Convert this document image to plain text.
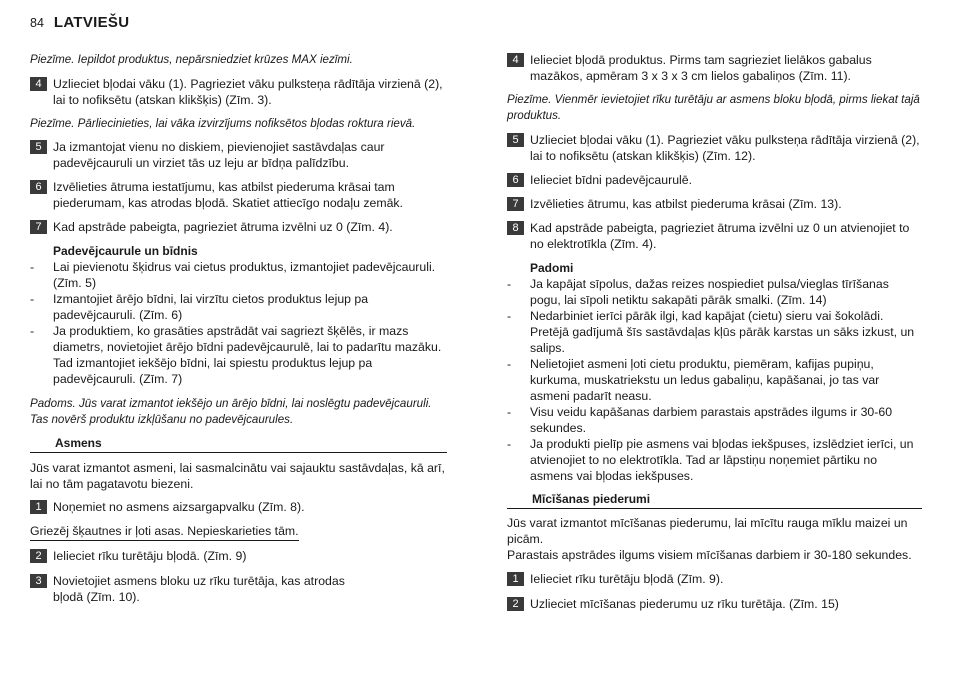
84 LATVIEŠU
Piezīme. Iepildot produktus, nepārsniedziet krūzes MAX iezīmi.
4 Uzlieciet bļodai vāku (1). Pagrieziet vāku pulksteņa rādītāja virzienā (2), lai to nofiksētu (atskan klikšķis) (Zīm. 3).
Piezīme. Pārliecinieties, lai vāka izvirzījums nofiksētos bļodas roktura rievā.
5 Ja izmantojat vienu no diskiem, pievienojiet sastāvdaļas caur padevējcauruli un virziet tās uz leju ar bīdņa palīdzību.
6 Izvēlieties ātruma iestatījumu, kas atbilst piederuma krāsai tam piederumam, kas atrodas bļodā. Skatiet attiecīgo nodaļu zemāk.
7 Kad apstrāde pabeigta, pagrieziet ātruma izvēlni uz 0 (Zīm. 4).
Padevējcaurule un bīdnis
- Lai pievienotu šķidrus vai cietus produktus, izmantojiet padevējcauruli. (Zīm. 5)
- Izmantojiet ārējo bīdni, lai virzītu cietos produktus lejup pa padevējcauruli. (Zīm. 6)
- Ja produktiem, ko grasāties apstrādāt vai sagriezt šķēlēs, ir mazs diametrs, novietojiet ārējo bīdni padevējcaurulē, lai to padarītu mazāku. Tad izmantojiet iekšējo bīdni, lai spiestu produktus lejup pa padevējcauruli. (Zīm. 7)
Padoms. Jūs varat izmantot iekšējo un ārējo bīdni, lai noslēgtu padevējcauruli. Tas novērš produktu izkļūšanu no padevējcaurules.
Asmens
Jūs varat izmantot asmeni, lai sasmalcinātu vai sajauktu sastāvdaļas, kā arī, lai no tām pagatavotu biezeni.
1 Noņemiet no asmens aizsargapvalku (Zīm. 8).
Griezēj šķautnes ir ļoti asas. Nepieskarieties tām.
2 Ielieciet rīku turētāju bļodā. (Zīm. 9)
3 Novietojiet asmens bloku uz rīku turētāja, kas atrodas bļodā (Zīm. 10).
4 Ielieciet bļodā produktus. Pirms tam sagrieziet lielākos gabalus mazākos, apmēram 3 x 3 x 3 cm lielos gabaliņos (Zīm. 11).
Piezīme. Vienmēr ievietojiet rīku turētāju ar asmens bloku bļodā, pirms liekat tajā produktus.
5 Uzlieciet bļodai vāku (1). Pagrieziet vāku pulksteņa rādītāja virzienā (2), lai to nofiksētu (atskan klikšķis) (Zīm. 12).
6 Ielieciet bīdni padevējcaurulē.
7 Izvēlieties ātrumu, kas atbilst piederuma krāsai (Zīm. 13).
8 Kad apstrāde pabeigta, pagrieziet ātruma izvēlni uz 0 un atvienojiet to no elektrotīkla (Zīm. 4).
Padomi
- Ja kapājat sīpolus, dažas reizes nospiediet pulsa/vieglas tīrīšanas pogu, lai sīpoli netiktu sakapāti pārāk smalki. (Zīm. 14)
- Nedarbiniet ierīci pārāk ilgi, kad kapājat (cietu) sieru vai šokolādi. Pretējā gadījumā šīs sastāvdaļas kļūs pārāk karstas un sāks izkust, un salips.
- Nelietojiet asmeni ļoti cietu produktu, piemēram, kafijas pupiņu, kurkuma, muskatriekstu un ledus gabaliņu, kapāšanai, jo tas var asmeni padarīt neasu.
- Visu veidu kapāšanas darbiem parastais apstrādes ilgums ir 30-60 sekundes.
- Ja produkti pielīp pie asmens vai bļodas iekšpuses, izslēdziet ierīci, un atvienojiet to no elektrotīkla. Tad ar lāpstiņu noņemiet pārtiku no asmens vai bļodas iekšpuses.
Mīcīšanas piederumi
Jūs varat izmantot mīcīšanas piederumu, lai mīcītu rauga mīklu maizei un picām.
Parastais apstrādes ilgums visiem mīcīšanas darbiem ir 30-180 sekundes.
1 Ielieciet rīku turētāju bļodā (Zīm. 9).
2 Uzlieciet mīcīšanas piederumu uz rīku turētāja. (Zīm. 15)
